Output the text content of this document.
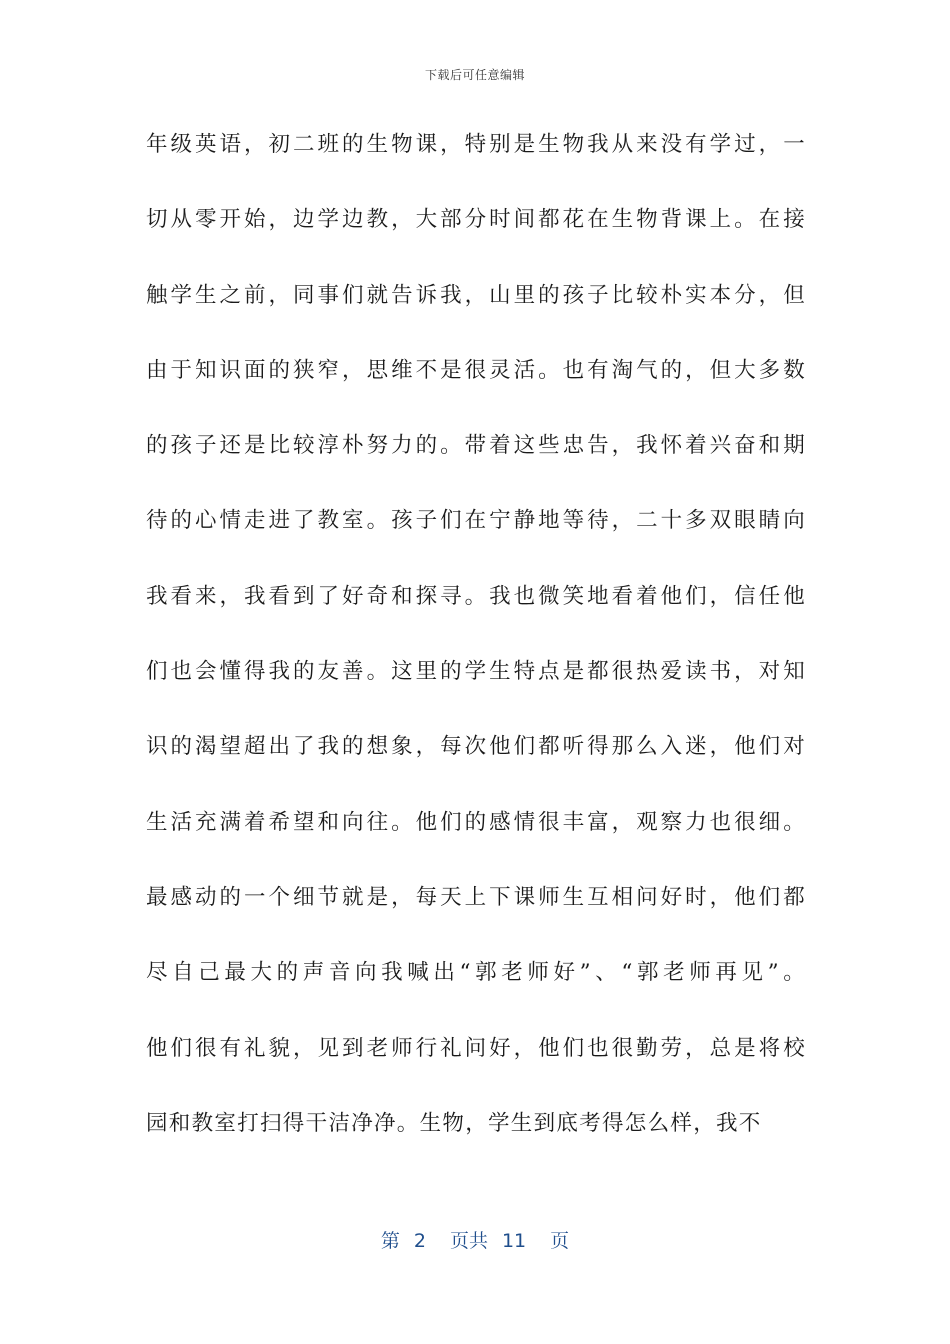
下载后可任意编辑
年级英语，初二班的生物课，特别是生物我从来没有学过，一
切从零开始，边学边教，大部分时间都花在生物背课上。在接
触学生之前，同事们就告诉我，山里的孩子比较朴实本分，但
由于知识面的狭窄，思维不是很灵活。也有淘气的，但大多数
的孩子还是比较淳朴努力的。带着这些忠告，我怀着兴奋和期
待的心情走进了教室。孩子们在宁静地等待，二十多双眼睛向
我看来，我看到了好奇和探寻。我也微笑地看着他们，信任他
们也会懂得我的友善。这里的学生特点是都很热爱读书，对知
识的渴望超出了我的想象，每次他们都听得那么入迷，他们对
生活充满着希望和向往。他们的感情很丰富，观察力也很细。
最感动的一个细节就是，每天上下课师生互相问好时，他们都
尽自己最大的声音向我喊出“郭老师好”、“郭老师再见”。
他们很有礼貌，见到老师行礼问好，他们也很勤劳，总是将校
园和教室打扫得干洁净净。生物，学生到底考得怎么样，我不
第 2 页共 11 页
